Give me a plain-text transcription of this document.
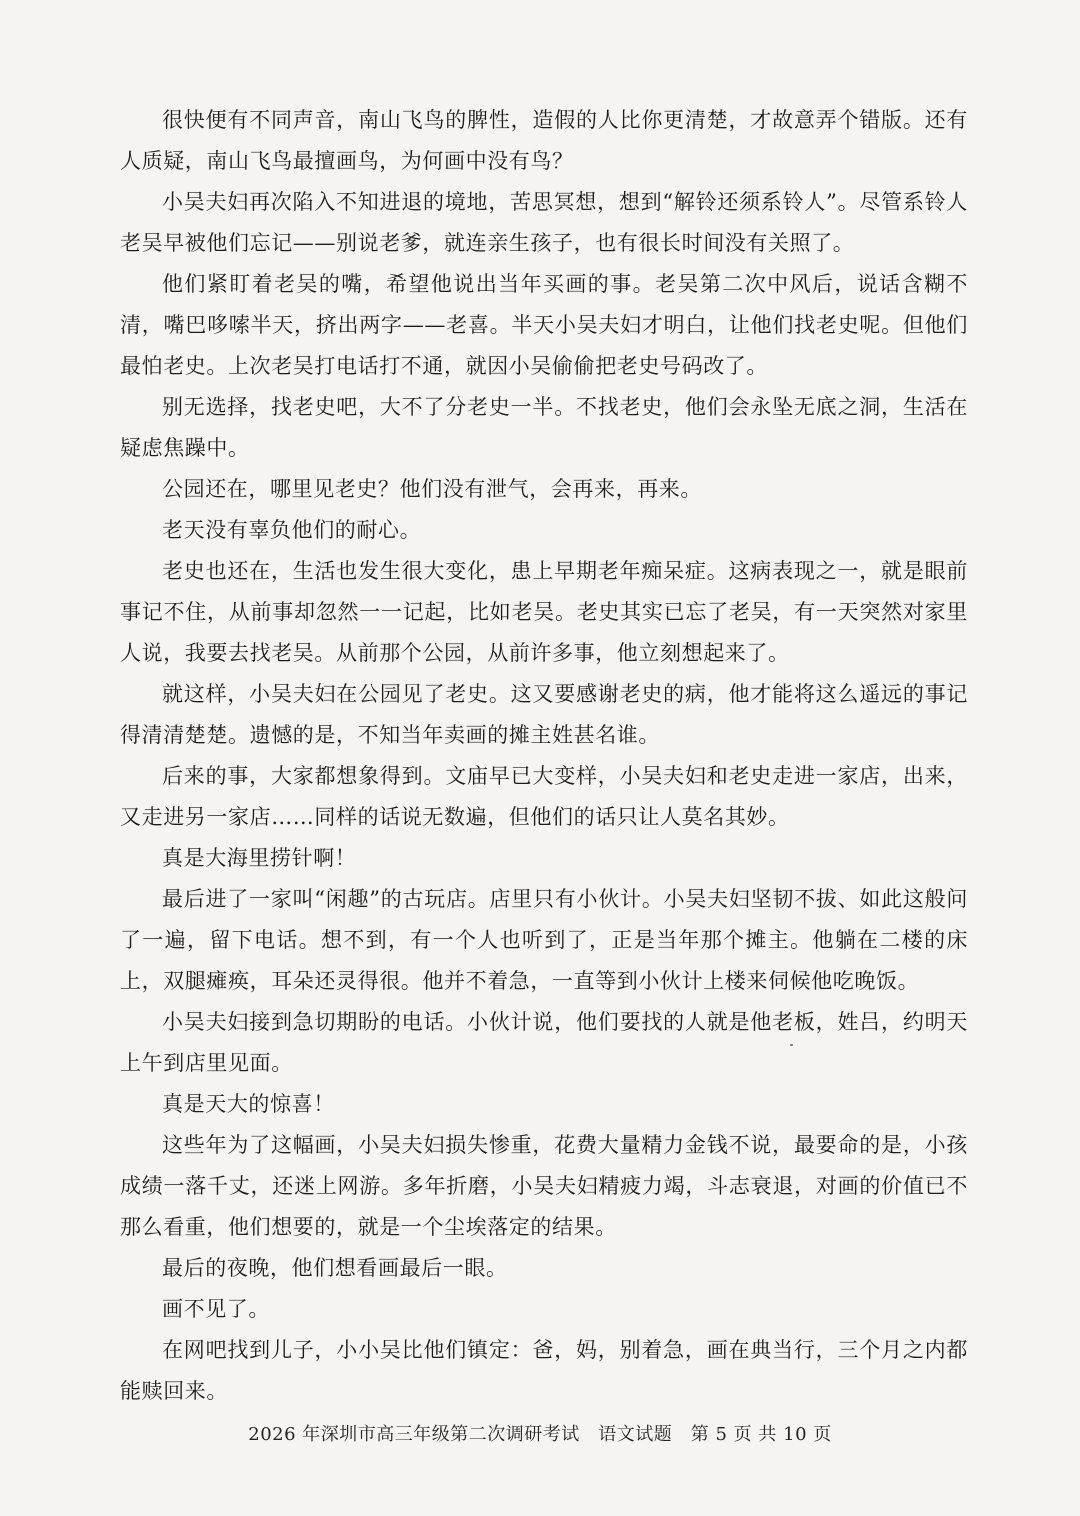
很快便有不同声音，南山飞鸟的脾性，造假的人比你更清楚，才故意弄个错版。还有人质疑，南山飞鸟最擅画鸟，为何画中没有鸟？

小吴夫妇再次陷入不知进退的境地，苦思冥想，想到“解铃还须系铃人”。尽管系铃人老吴早被他们忘记——别说老爹，就连亲生孩子，也有很长时间没有关照了。

他们紧盯着老吴的嘴，希望他说出当年买画的事。老吴第二次中风后，说话含糊不清，嘴巴哆嗦半天，挤出两字——老喜。半天小吴夫妇才明白，让他们找老史呢。但他们最怕老史。上次老吴打电话打不通，就因小吴偷偷把老史号码改了。

别无选择，找老史吧，大不了分老史一半。不找老史，他们会永坠无底之洞，生活在疑虑焦躁中。

公园还在，哪里见老史？他们没有泄气，会再来，再来。

老天没有辜负他们的耐心。

老史也还在，生活也发生很大变化，患上早期老年痴呆症。这病表现之一，就是眼前事记不住，从前事却忽然一一记起，比如老吴。老史其实已忘了老吴，有一天突然对家里人说，我要去找老吴。从前那个公园，从前许多事，他立刻想起来了。

就这样，小吴夫妇在公园见了老史。这又要感谢老史的病，他才能将这么遥远的事记得清清楚楚。遗憾的是，不知当年卖画的摊主姓甚名谁。

后来的事，大家都想象得到。文庙早已大变样，小吴夫妇和老史走进一家店，出来，又走进另一家店……同样的话说无数遍，但他们的话只让人莫名其妙。

真是大海里捞针啊！

最后进了一家叫“闲趣”的古玩店。店里只有小伙计。小吴夫妇坚韧不拔、如此这般问了一遍，留下电话。想不到，有一个人也听到了，正是当年那个摊主。他躺在二楼的床上，双腿瘫痪，耳朵还灵得很。他并不着急，一直等到小伙计上楼来伺候他吃晚饭。

小吴夫妇接到急切期盼的电话。小伙计说，他们要找的人就是他老板，姓吕，约明天上午到店里见面。

真是天大的惊喜！

这些年为了这幅画，小吴夫妇损失惨重，花费大量精力金钱不说，最要命的是，小孩成绩一落千丈，还迷上网游。多年折磨，小吴夫妇精疲力竭，斗志衰退，对画的价值已不那么看重，他们想要的，就是一个尘埃落定的结果。

最后的夜晚，他们想看画最后一眼。

画不见了。

在网吧找到儿子，小小吴比他们镇定：爸，妈，别着急，画在典当行，三个月之内都能赎回来。

2026 年深圳市高三年级第二次调研考试　语文试题　第 5 页 共 10 页
